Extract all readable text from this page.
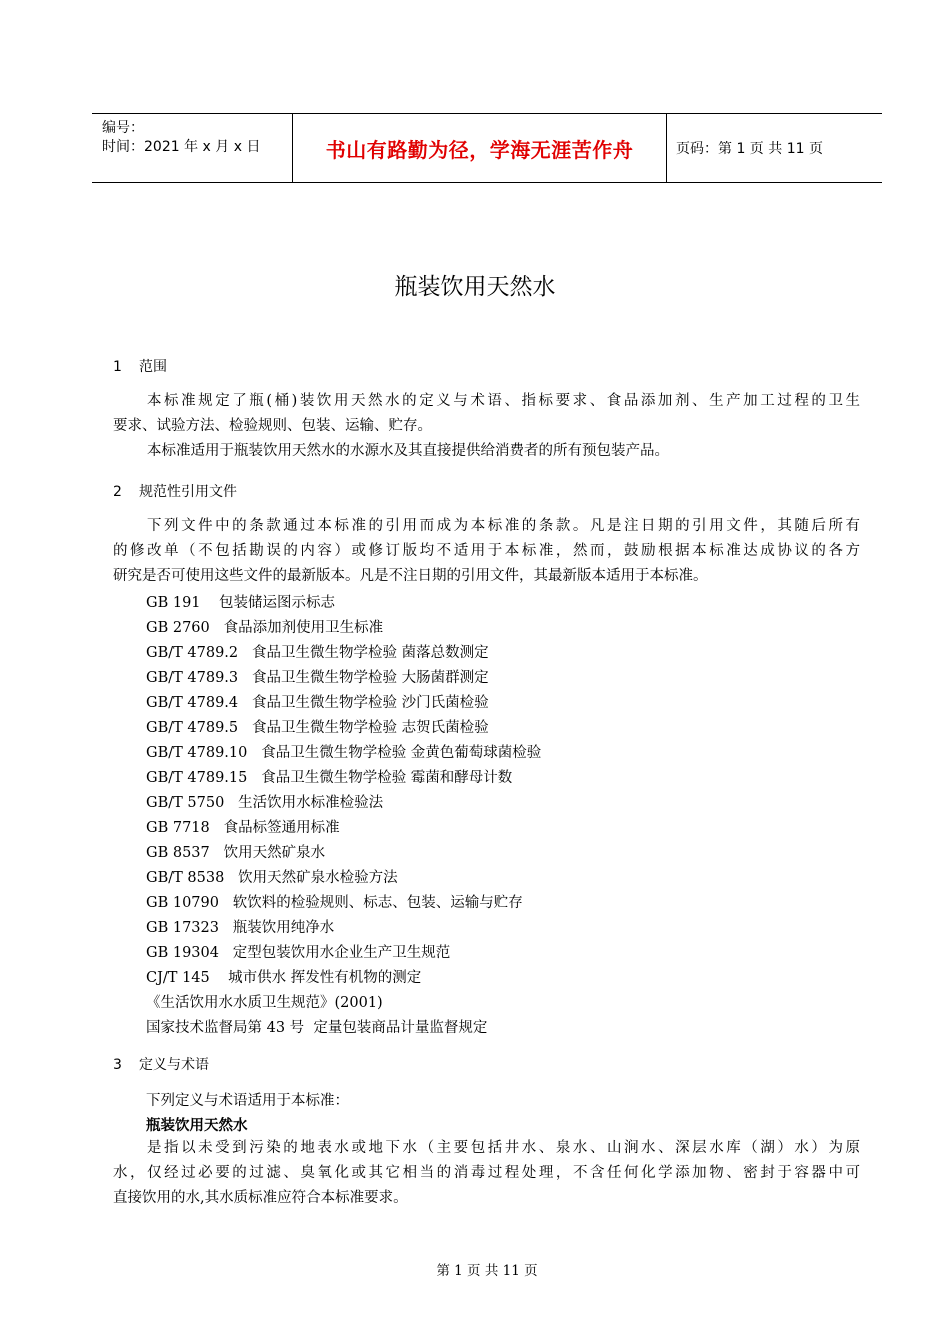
编号：
时间：2021 年 x 月 x 日	书山有路勤为径，学海无涯苦作舟	页码：第 1 页 共 11 页
瓶装饮用天然水
1 范围
本标准规定了瓶(桶)装饮用天然水的定义与术语、指标要求、食品添加剂、生产加工过程的卫生
要求、试验方法、检验规则、包装、运输、贮存。
本标准适用于瓶装饮用天然水的水源水及其直接提供给消费者的所有预包装产品。
2 规范性引用文件
下列文件中的条款通过本标准的引用而成为本标准的条款。凡是注日期的引用文件，其随后所有
的修改单（不包括勘误的内容）或修订版均不适用于本标准，然而，鼓励根据本标准达成协议的各方
研究是否可使用这些文件的最新版本。凡是不注日期的引用文件，其最新版本适用于本标准。
GB 191    包装储运图示标志
GB 2760   食品添加剂使用卫生标准
GB/T 4789.2   食品卫生微生物学检验 菌落总数测定
GB/T 4789.3   食品卫生微生物学检验 大肠菌群测定
GB/T 4789.4   食品卫生微生物学检验 沙门氏菌检验
GB/T 4789.5   食品卫生微生物学检验 志贺氏菌检验
GB/T 4789.10   食品卫生微生物学检验 金黄色葡萄球菌检验
GB/T 4789.15   食品卫生微生物学检验 霉菌和酵母计数
GB/T 5750   生活饮用水标准检验法
GB 7718   食品标签通用标准
GB 8537   饮用天然矿泉水
GB/T 8538   饮用天然矿泉水检验方法
GB 10790   软饮料的检验规则、标志、包装、运输与贮存
GB 17323   瓶装饮用纯净水
GB 19304   定型包装饮用水企业生产卫生规范
CJ/T 145    城市供水 挥发性有机物的测定
《生活饮用水水质卫生规范》(2001)
国家技术监督局第 43 号  定量包装商品计量监督规定
3 定义与术语
下列定义与术语适用于本标准：
瓶装饮用天然水
是指以未受到污染的地表水或地下水（主要包括井水、泉水、山涧水、深层水库（湖）水）为原
水，仅经过必要的过滤、臭氧化或其它相当的消毒过程处理，不含任何化学添加物、密封于容器中可
直接饮用的水,其水质标准应符合本标准要求。
第 1 页 共 11 页
